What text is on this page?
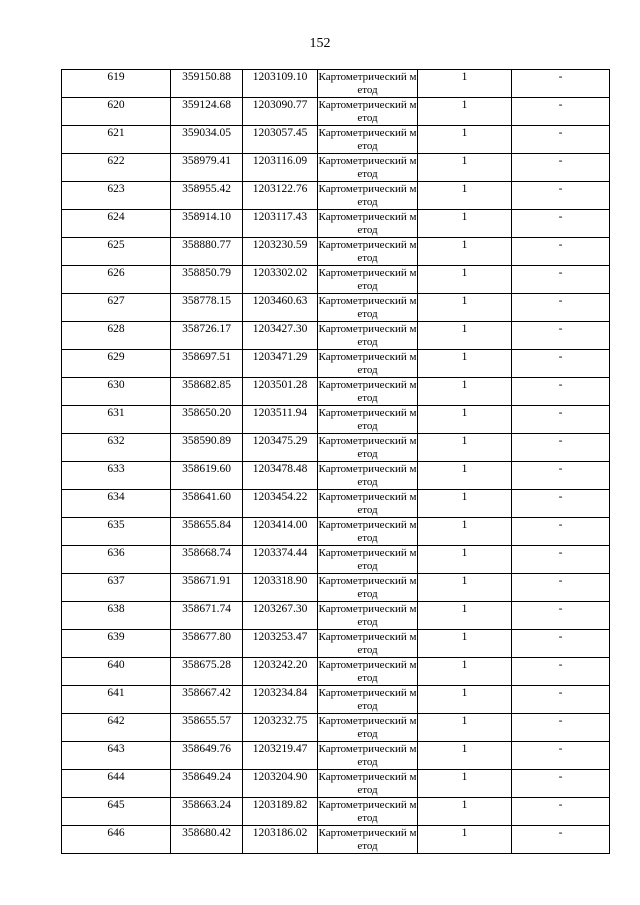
152
619	359150.88	1203109.10	Картометрический метод	1	-
620	359124.68	1203090.77	Картометрический метод	1	-
621	359034.05	1203057.45	Картометрический метод	1	-
622	358979.41	1203116.09	Картометрический метод	1	-
623	358955.42	1203122.76	Картометрический метод	1	-
624	358914.10	1203117.43	Картометрический метод	1	-
625	358880.77	1203230.59	Картометрический метод	1	-
626	358850.79	1203302.02	Картометрический метод	1	-
627	358778.15	1203460.63	Картометрический метод	1	-
628	358726.17	1203427.30	Картометрический метод	1	-
629	358697.51	1203471.29	Картометрический метод	1	-
630	358682.85	1203501.28	Картометрический метод	1	-
631	358650.20	1203511.94	Картометрический метод	1	-
632	358590.89	1203475.29	Картометрический метод	1	-
633	358619.60	1203478.48	Картометрический метод	1	-
634	358641.60	1203454.22	Картометрический метод	1	-
635	358655.84	1203414.00	Картометрический метод	1	-
636	358668.74	1203374.44	Картометрический метод	1	-
637	358671.91	1203318.90	Картометрический метод	1	-
638	358671.74	1203267.30	Картометрический метод	1	-
639	358677.80	1203253.47	Картометрический метод	1	-
640	358675.28	1203242.20	Картометрический метод	1	-
641	358667.42	1203234.84	Картометрический метод	1	-
642	358655.57	1203232.75	Картометрический метод	1	-
643	358649.76	1203219.47	Картометрический метод	1	-
644	358649.24	1203204.90	Картометрический метод	1	-
645	358663.24	1203189.82	Картометрический метод	1	-
646	358680.42	1203186.02	Картометрический метод	1	-
